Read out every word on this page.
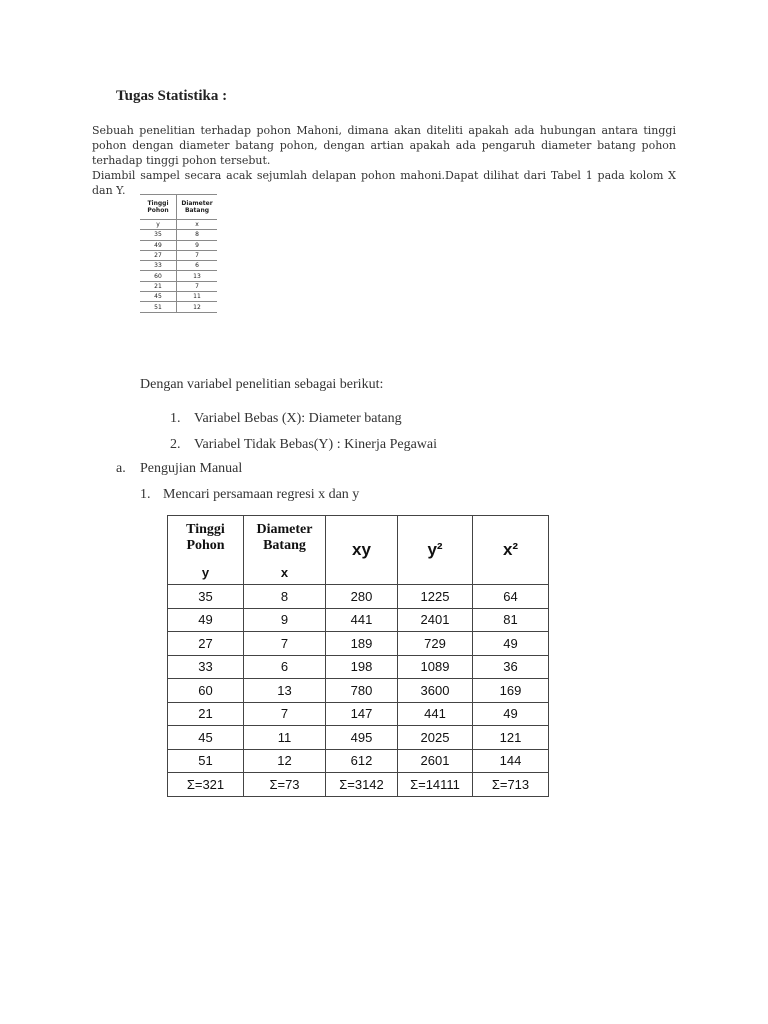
Tugas Statistika :

Sebuah penelitian terhadap pohon Mahoni, dimana akan diteliti apakah ada hubungan antara tinggi pohon dengan diameter batang pohon, dengan artian apakah ada pengaruh diameter batang pohon terhadap tinggi pohon tersebut.

Diambil sampel secara acak sejumlah delapan pohon mahoni.Dapat dilihat dari Tabel 1 pada kolom X dan Y.

Tinggi Pohon	Diameter Batang
y	x
35	8
49	9
27	7
33	6
60	13
21	7
45	11
51	12
Dengan variabel penelitian sebagai berikut:
1. Variabel Bebas (X): Diameter batang
2. Variabel Tidak Bebas(Y) : Kinerja Pegawai
a. Pengujian Manual
1. Mencari persamaan regresi x dan y
Tinggi Pohon	Diameter Batang	xy	y²	x²
y	x			
35	8	280	1225	64
49	9	441	2401	81
27	7	189	729	49
33	6	198	1089	36
60	13	780	3600	169
21	7	147	441	49
45	11	495	2025	121
51	12	612	2601	144
Σ=321	Σ=73	Σ=3142	Σ=14111	Σ=713
